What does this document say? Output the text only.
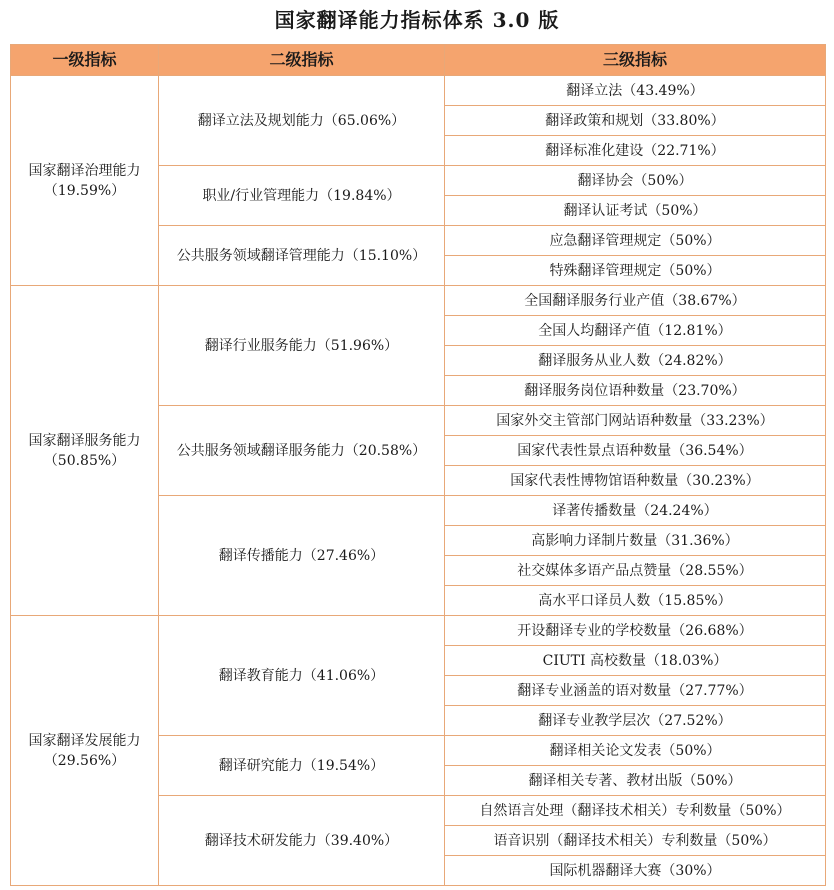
国家翻译能力指标体系 3.0 版
一级指标	二级指标	三级指标

国家翻译治理能力
（19.59%）	翻译立法及规划能力（65.06%）	翻译立法（43.49%）
		翻译政策和规划（33.80%）
		翻译标准化建设（22.71%）

	职业/行业管理能力（19.84%）	翻译协会（50%）
		翻译认证考试（50%）

	公共服务领域翻译管理能力（15.10%）	应急翻译管理规定（50%）
		特殊翻译管理规定（50%）

国家翻译服务能力
（50.85%）	翻译行业服务能力（51.96%）	全国翻译服务行业产值（38.67%）
		全国人均翻译产值（12.81%）
		翻译服务从业人数（24.82%）
		翻译服务岗位语种数量（23.70%）

	公共服务领域翻译服务能力（20.58%）	国家外交主管部门网站语种数量（33.23%）
		国家代表性景点语种数量（36.54%）
		国家代表性博物馆语种数量（30.23%）

	翻译传播能力（27.46%）	译著传播数量（24.24%）
		高影响力译制片数量（31.36%）
		社交媒体多语产品点赞量（28.55%）
		高水平口译员人数（15.85%）

国家翻译发展能力
（29.56%）	翻译教育能力（41.06%）	开设翻译专业的学校数量（26.68%）
		CIUTI 高校数量（18.03%）
		翻译专业涵盖的语对数量（27.77%）
		翻译专业教学层次（27.52%）

	翻译研究能力（19.54%）	翻译相关论文发表（50%）
		翻译相关专著、教材出版（50%）

	翻译技术研发能力（39.40%）	自然语言处理（翻译技术相关）专利数量（50%）
		语音识别（翻译技术相关）专利数量（50%）
		国际机器翻译大赛（30%）
